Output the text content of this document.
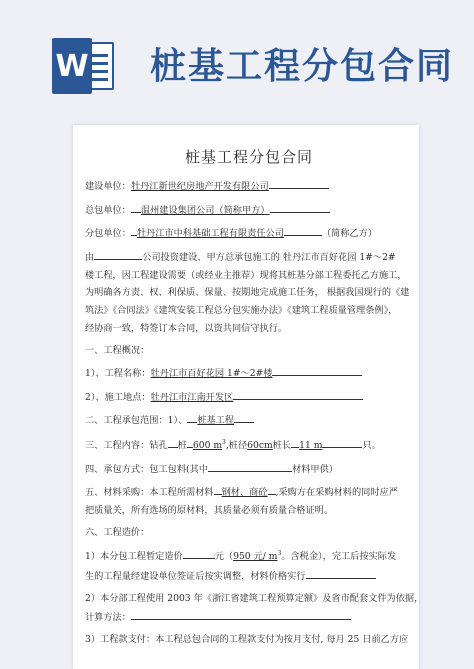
W 桩基工程分包合同
桩基工程分包合同
建设单位：牡丹江新世纪房地产开发有限公司
总包单位： 温州建设集团公司（简称甲方）
分包单位： 牡丹江市中科基础工程有限责任公司	（简称乙方）
由	公司投资建设、甲方总承包施工的 牡丹江市百好花园 1#～2#
楼工程，因工程建设需要（或经业主推荐）现将其桩基分部工程委托乙方施工，
为明确各方责、权、利保质、保量、按期地完成施工任务， 根据我国现行的《建
筑法》《合同法》《建筑安装工程总分包实施办法》《建筑工程质量管理条例》，
经协商一致，特签订本合同，以资共同信守执行。
一、工程概况：
1）、工程名称：牡丹江市百好花园 1#～2#楼
2）、施工地点：牡丹江市江南开发区
二、工程承包范围：1）、 桩基工程
三、工程内容：钻孔 桩 600 $m^3$,桩径60cm桩长 11 m	只。
四、承包方式：包工包料(其中	材料甲供）
五、材料采购：本工程所需材料 钢材、商砼 ,采购方在采购材料的同时应严
把质量关，所有选场的原材料，其质量必须有质量合格证明。
六、工程造价：
1）本分包工程暂定造价	元（950 元/ $m^3$。含税金），完工后按实际发
生的工程量经建设单位签证后按实调整，材料价格实行
2）本分部工程使用 2003 年《浙江省建筑工程预算定额》及省市配套文件为依据，
计算方法：
3）工程款支付：本工程总包合同的工程款支付为按月支付, 每月 25 日前乙方应
